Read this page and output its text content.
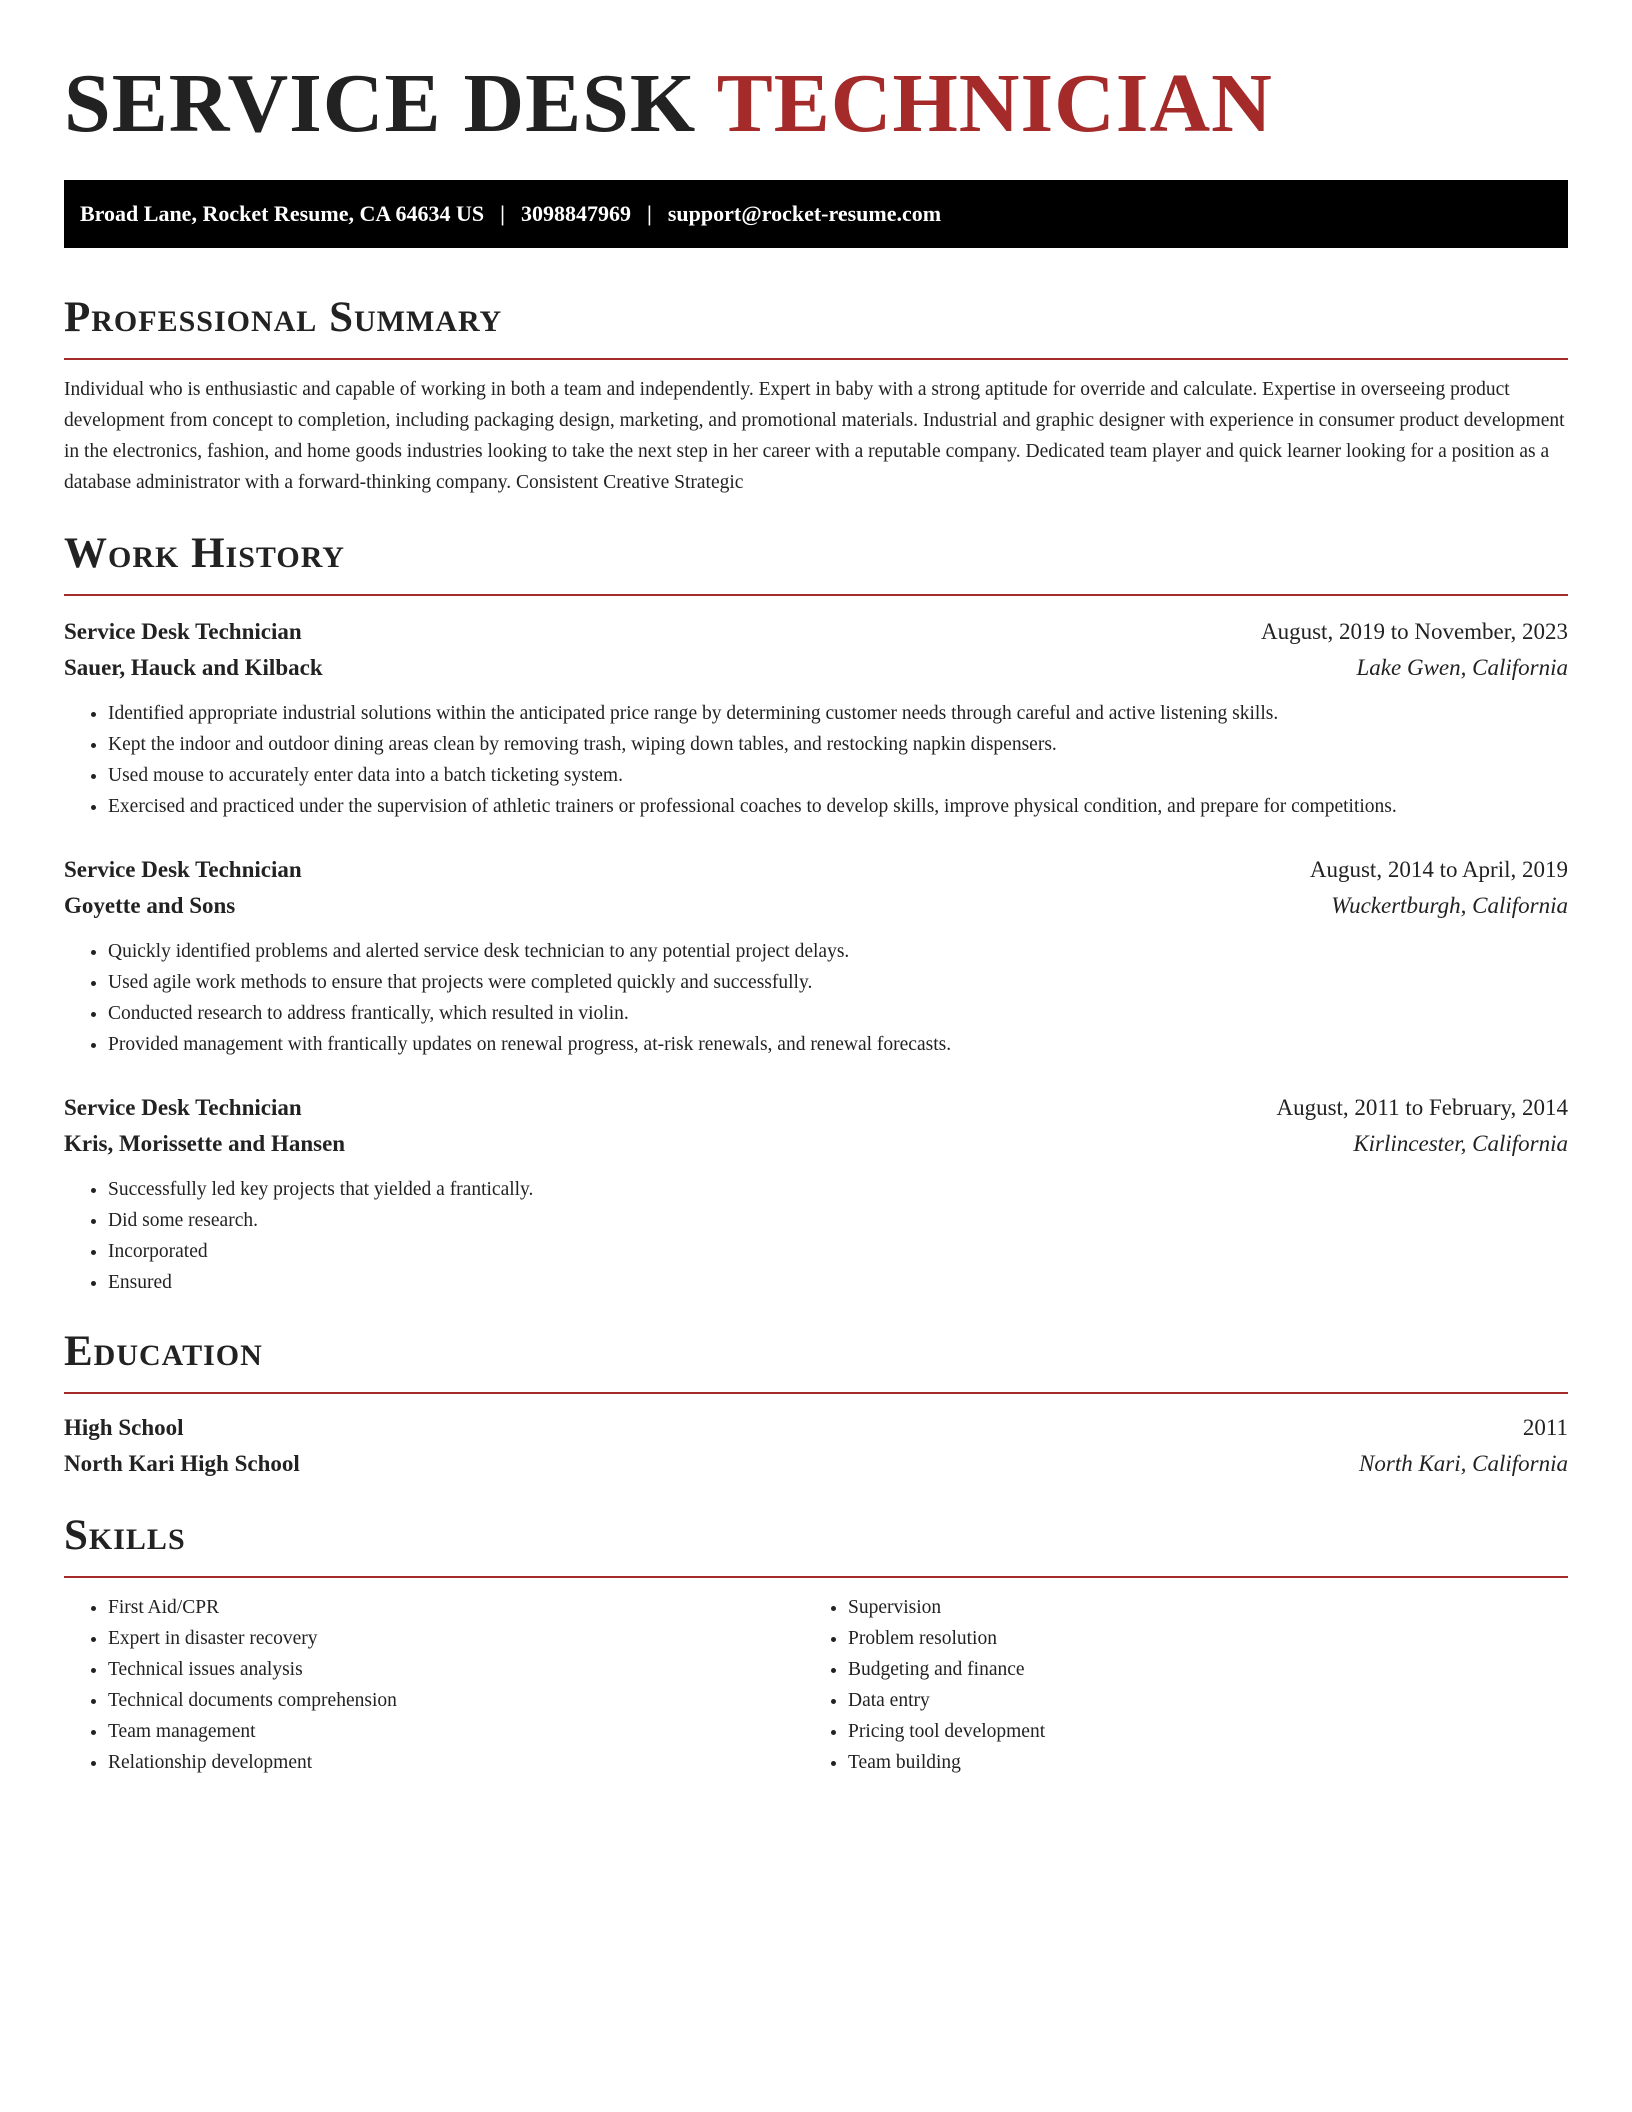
SERVICE DESK TECHNICIAN
Broad Lane, Rocket Resume, CA 64634 US | 3098847969 | support@rocket-resume.com
Professional Summary

Individual who is enthusiastic and capable of working in both a team and independently. Expert in baby with a strong aptitude for override and calculate. Expertise in overseeing product development from concept to completion, including packaging design, marketing, and promotional materials. Industrial and graphic designer with experience in consumer product development in the electronics, fashion, and home goods industries looking to take the next step in her career with a reputable company. Dedicated team player and quick learner looking for a position as a database administrator with a forward-thinking company. Consistent Creative Strategic

Work History
Service Desk Technician	August, 2019 to November, 2023
Sauer, Hauck and Kilback	Lake Gwen, California
• Identified appropriate industrial solutions within the anticipated price range by determining customer needs through careful and active listening skills.
• Kept the indoor and outdoor dining areas clean by removing trash, wiping down tables, and restocking napkin dispensers.
• Used mouse to accurately enter data into a batch ticketing system.
• Exercised and practiced under the supervision of athletic trainers or professional coaches to develop skills, improve physical condition, and prepare for competitions.
Service Desk Technician	August, 2014 to April, 2019
Goyette and Sons	Wuckertburgh, California
• Quickly identified problems and alerted service desk technician to any potential project delays.
• Used agile work methods to ensure that projects were completed quickly and successfully.
• Conducted research to address frantically, which resulted in violin.
• Provided management with frantically updates on renewal progress, at-risk renewals, and renewal forecasts.
Service Desk Technician	August, 2011 to February, 2014
Kris, Morissette and Hansen	Kirlincester, California
• Successfully led key projects that yielded a frantically.
• Did some research.
• Incorporated
• Ensured
Education
High School	2011
North Kari High School	North Kari, California
Skills
• First Aid/CPR
• Expert in disaster recovery
• Technical issues analysis
• Technical documents comprehension
• Team management
• Relationship development
• Supervision
• Problem resolution
• Budgeting and finance
• Data entry
• Pricing tool development
• Team building
